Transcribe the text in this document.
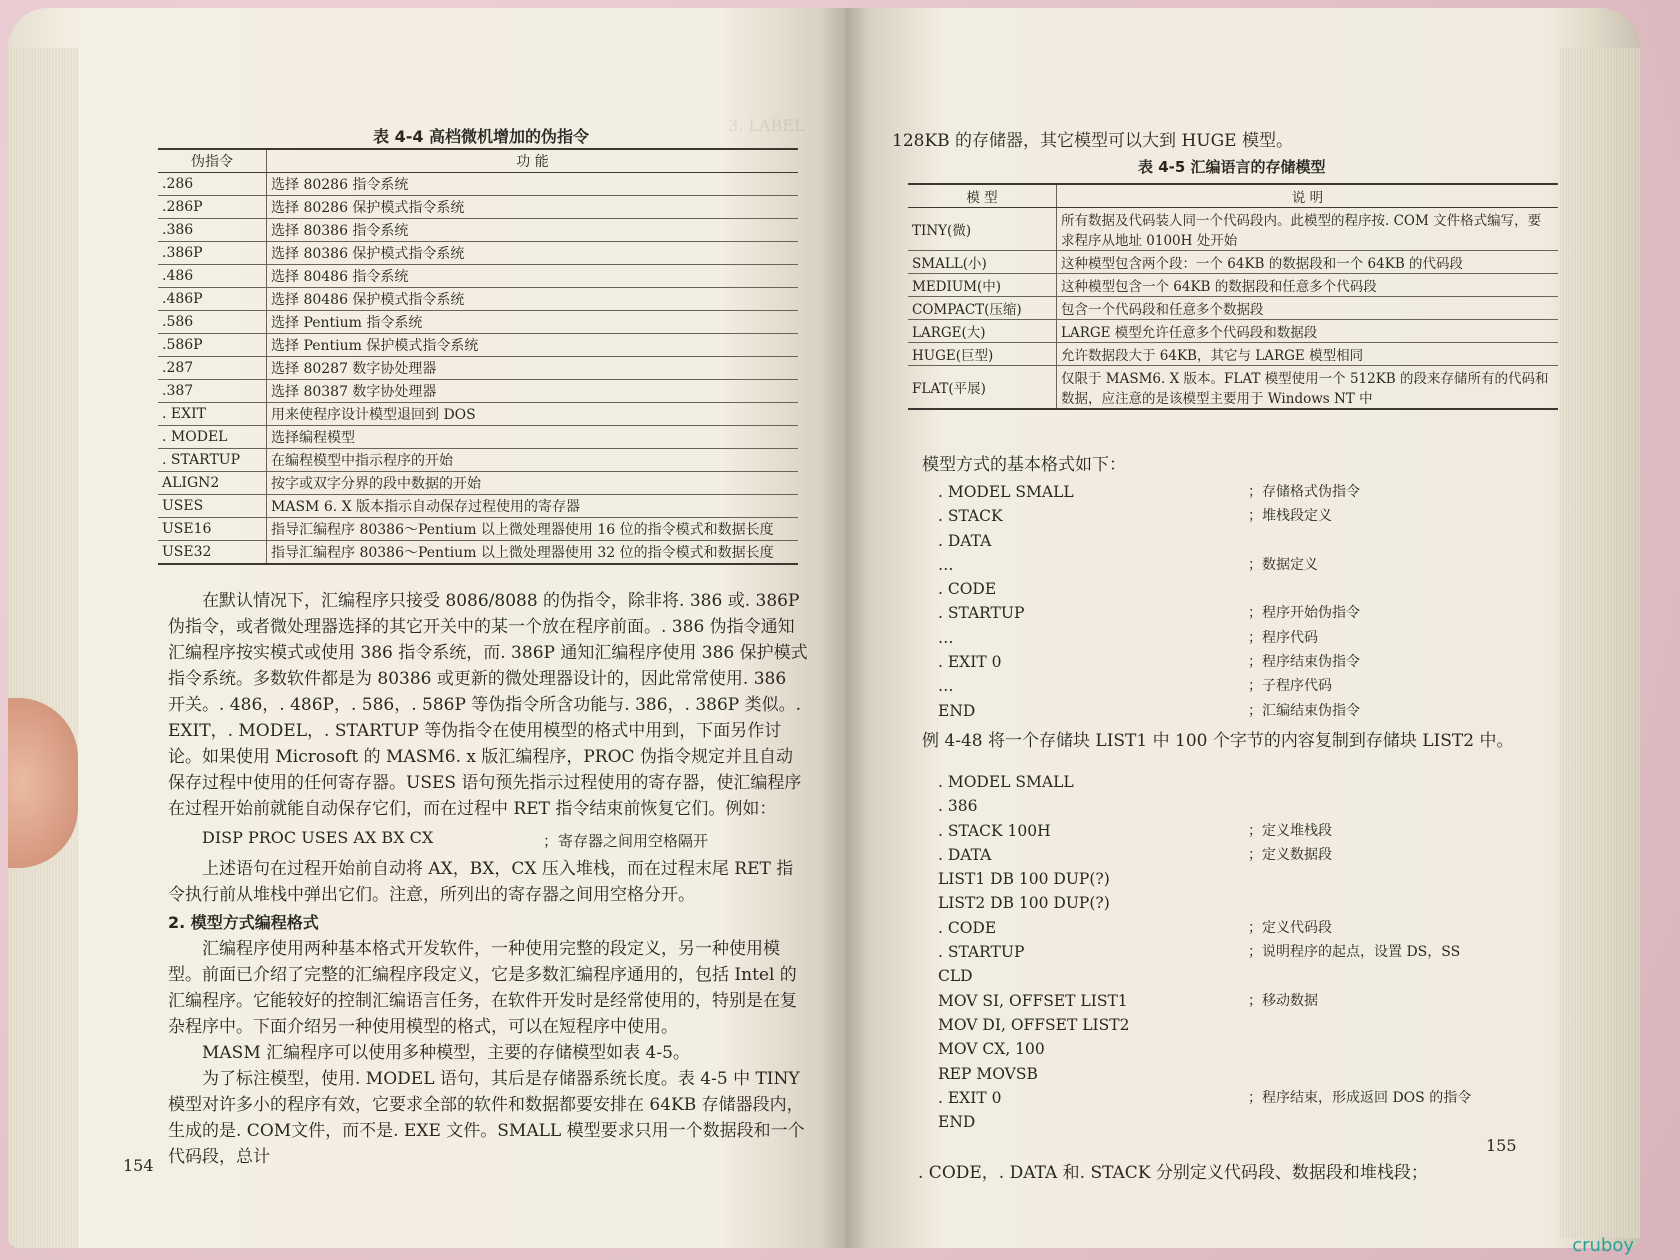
3. LABEL
表 4-4 高档微机增加的伪指令
伪指令	功 能
.286	选择 80286 指令系统
.286P	选择 80286 保护模式指令系统
.386	选择 80386 指令系统
.386P	选择 80386 保护模式指令系统
.486	选择 80486 指令系统
.486P	选择 80486 保护模式指令系统
.586	选择 Pentium 指令系统
.586P	选择 Pentium 保护模式指令系统
.287	选择 80287 数字协处理器
.387	选择 80387 数字协处理器
. EXIT	用来使程序设计模型退回到 DOS
. MODEL	选择编程模型
. STARTUP	在编程模型中指示程序的开始
ALIGN2	按字或双字分界的段中数据的开始
USES	MASM 6. X 版本指示自动保存过程使用的寄存器
USE16	指导汇编程序 80386～Pentium 以上微处理器使用 16 位的指令模式和数据长度
USE32	指导汇编程序 80386～Pentium 以上微处理器使用 32 位的指令模式和数据长度
在默认情况下，汇编程序只接受 8086/8088 的伪指令，除非将. 386 或. 386P 伪指令，或者微处理器选择的其它开关中的某一个放在程序前面。. 386 伪指令通知汇编程序按实模式或使用 386 指令系统，而. 386P 通知汇编程序使用 386 保护模式指令系统。多数软件都是为 80386 或更新的微处理器设计的，因此常常使用. 386 开关。. 486，. 486P，. 586，. 586P 等伪指令所含功能与. 386，. 386P 类似。. EXIT，. MODEL，. STARTUP 等伪指令在使用模型的格式中用到，下面另作讨论。 如果使用 Microsoft 的 MASM6. x 版汇编程序，PROC 伪指令规定并且自动保存过程中使用的任何寄存器。USES 语句预先指示过程使用的寄存器，使汇编程序在过程开始前就能自动保存它们，而在过程中 RET 指令结束前恢复它们。例如：
DISP PROC USES AX BX CX	；寄存器之间用空格隔开
上述语句在过程开始前自动将 AX，BX，CX 压入堆栈，而在过程末尾 RET 指令执行前从堆栈中弹出它们。注意，所列出的寄存器之间用空格分开。
2. 模型方式编程格式
汇编程序使用两种基本格式开发软件，一种使用完整的段定义，另一种使用模型。前面已介绍了完整的汇编程序段定义，它是多数汇编程序通用的，包括 Intel 的汇编程序。它能较好的控制汇编语言任务，在软件开发时是经常使用的，特别是在复杂程序中。下面介绍另一种使用模型的格式，可以在短程序中使用。
MASM 汇编程序可以使用多种模型，主要的存储模型如表 4-5。
为了标注模型，使用. MODEL 语句，其后是存储器系统长度。表 4-5 中 TINY 模型对许多小的程序有效，它要求全部的软件和数据都要安排在 64KB 存储器段内，生成的是. COM文件，而不是. EXE 文件。SMALL 模型要求只用一个数据段和一个代码段，总计
154
128KB 的存储器，其它模型可以大到 HUGE 模型。
表 4-5 汇编语言的存储模型
模 型	说 明
TINY(微)	所有数据及代码装人同一个代码段内。此模型的程序按. COM 文件格式编写，要求程序从地址 0100H 处开始
SMALL(小)	这种模型包含两个段：一个 64KB 的数据段和一个 64KB 的代码段
MEDIUM(中)	这种模型包含一个 64KB 的数据段和任意多个代码段
COMPACT(压缩)	包含一个代码段和任意多个数据段
LARGE(大)	LARGE 模型允许任意多个代码段和数据段
HUGE(巨型)	允许数据段大于 64KB，其它与 LARGE 模型相同
FLAT(平展)	仅限于 MASM6. X 版本。FLAT 模型使用一个 512KB 的段来存储所有的代码和数据，应注意的是该模型主要用于 Windows NT 中
模型方式的基本格式如下：
. MODEL SMALL	；存储格式伪指令
. STACK	；堆栈段定义
. DATA
…	；数据定义
. CODE
. STARTUP	；程序开始伪指令
…	；程序代码
. EXIT 0	；程序结束伪指令
…	；子程序代码
END	；汇编结束伪指令
例 4-48 将一个存储块 LIST1 中 100 个字节的内容复制到存储块 LIST2 中。
. MODEL SMALL
. 386
. STACK 100H	；定义堆栈段
. DATA	；定义数据段
LIST1 DB 100 DUP(?)
LIST2 DB 100 DUP(?)
. CODE	；定义代码段
. STARTUP	；说明程序的起点，设置 DS，SS
CLD
MOV SI, OFFSET LIST1	；移动数据
MOV DI, OFFSET LIST2
MOV CX, 100
REP MOVSB
. EXIT 0	；程序结束，形成返回 DOS 的指令
END
. CODE，. DATA 和. STACK 分别定义代码段、数据段和堆栈段；
155
cruboy
